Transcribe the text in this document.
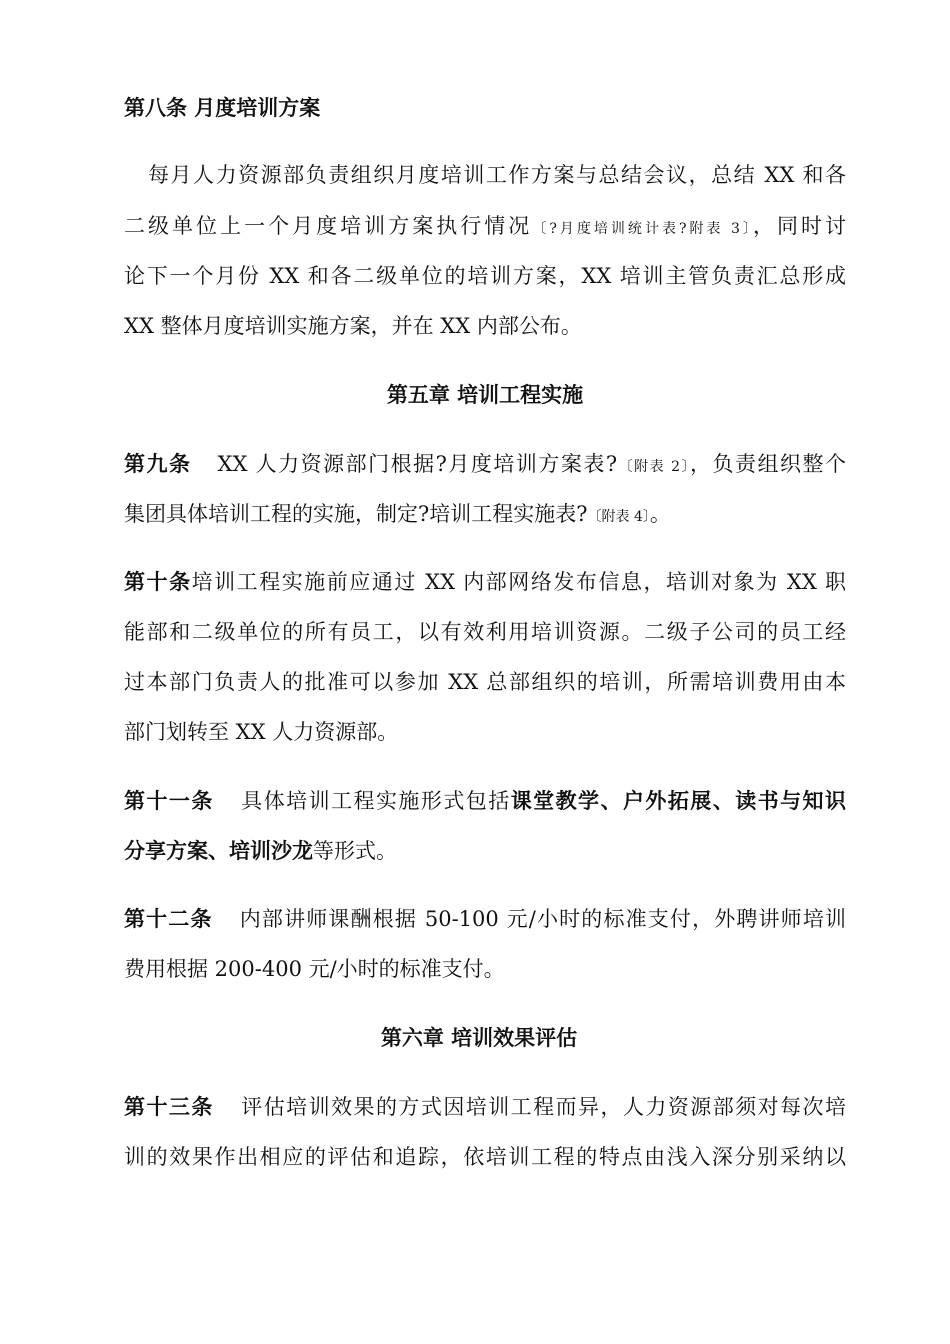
第八条 月度培训方案
每月人力资源部负责组织月度培训工作方案与总结会议，总结 XX 和各
二级单位上一个月度培训方案执行情况〔?月度培训统计表?附表 3〕，同时讨
论下一个月份 XX 和各二级单位的培训方案，XX 培训主管负责汇总形成
XX 整体月度培训实施方案，并在 XX 内部公布。
第五章 培训工程实施
第九条 XX 人力资源部门根据?月度培训方案表?〔附表 2〕，负责组织整个
集团具体培训工程的实施，制定?培训工程实施表?〔附表 4〕。
第十条培训工程实施前应通过 XX 内部网络发布信息，培训对象为 XX 职
能部和二级单位的所有员工，以有效利用培训资源。二级子公司的员工经
过本部门负责人的批准可以参加 XX 总部组织的培训，所需培训费用由本
部门划转至 XX 人力资源部。
第十一条 具体培训工程实施形式包括课堂教学、户外拓展、读书与知识
分享方案、培训沙龙等形式。
第十二条 内部讲师课酬根据 50-100 元/小时的标准支付，外聘讲师培训
费用根据 200-400 元/小时的标准支付。
第六章 培训效果评估
第十三条 评估培训效果的方式因培训工程而异，人力资源部须对每次培
训的效果作出相应的评估和追踪，依培训工程的特点由浅入深分别采纳以
